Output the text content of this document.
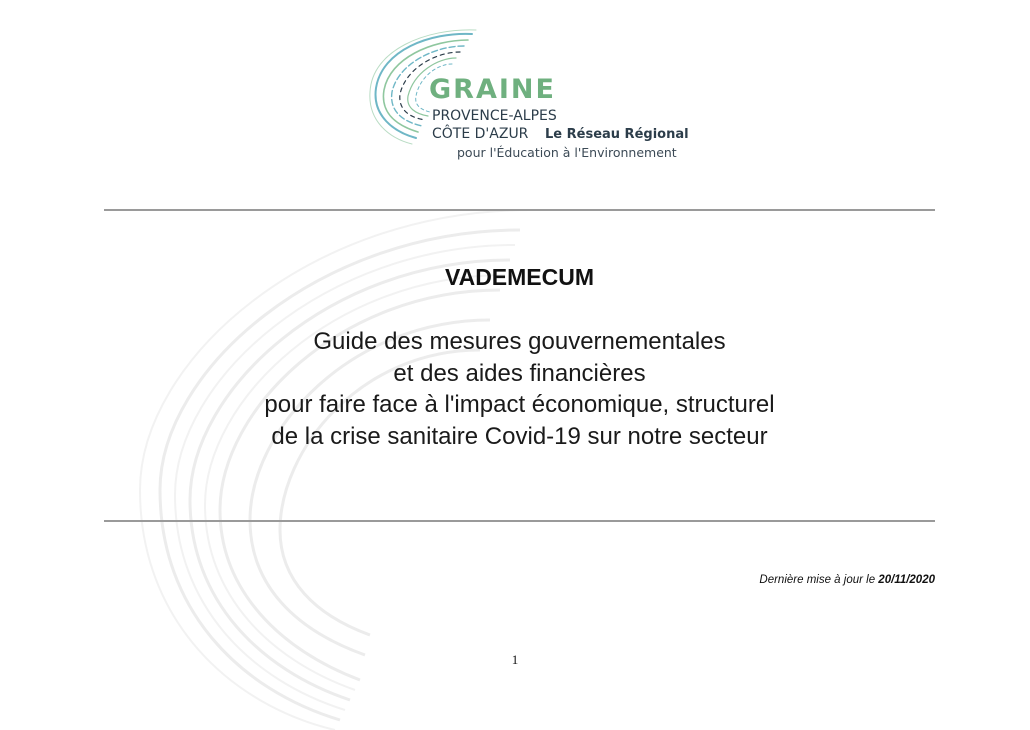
GRAINE

PROVENCE-ALPES

CÔTE D'AZUR Le Réseau Régional

pour l'Éducation à l'Environnement

VADEMECUM
Guide des mesures gouvernementales
et des aides financières
pour faire face à l'impact économique, structurel
de la crise sanitaire Covid-19 sur notre secteur

Dernière mise à jour le 20/11/2020

1
